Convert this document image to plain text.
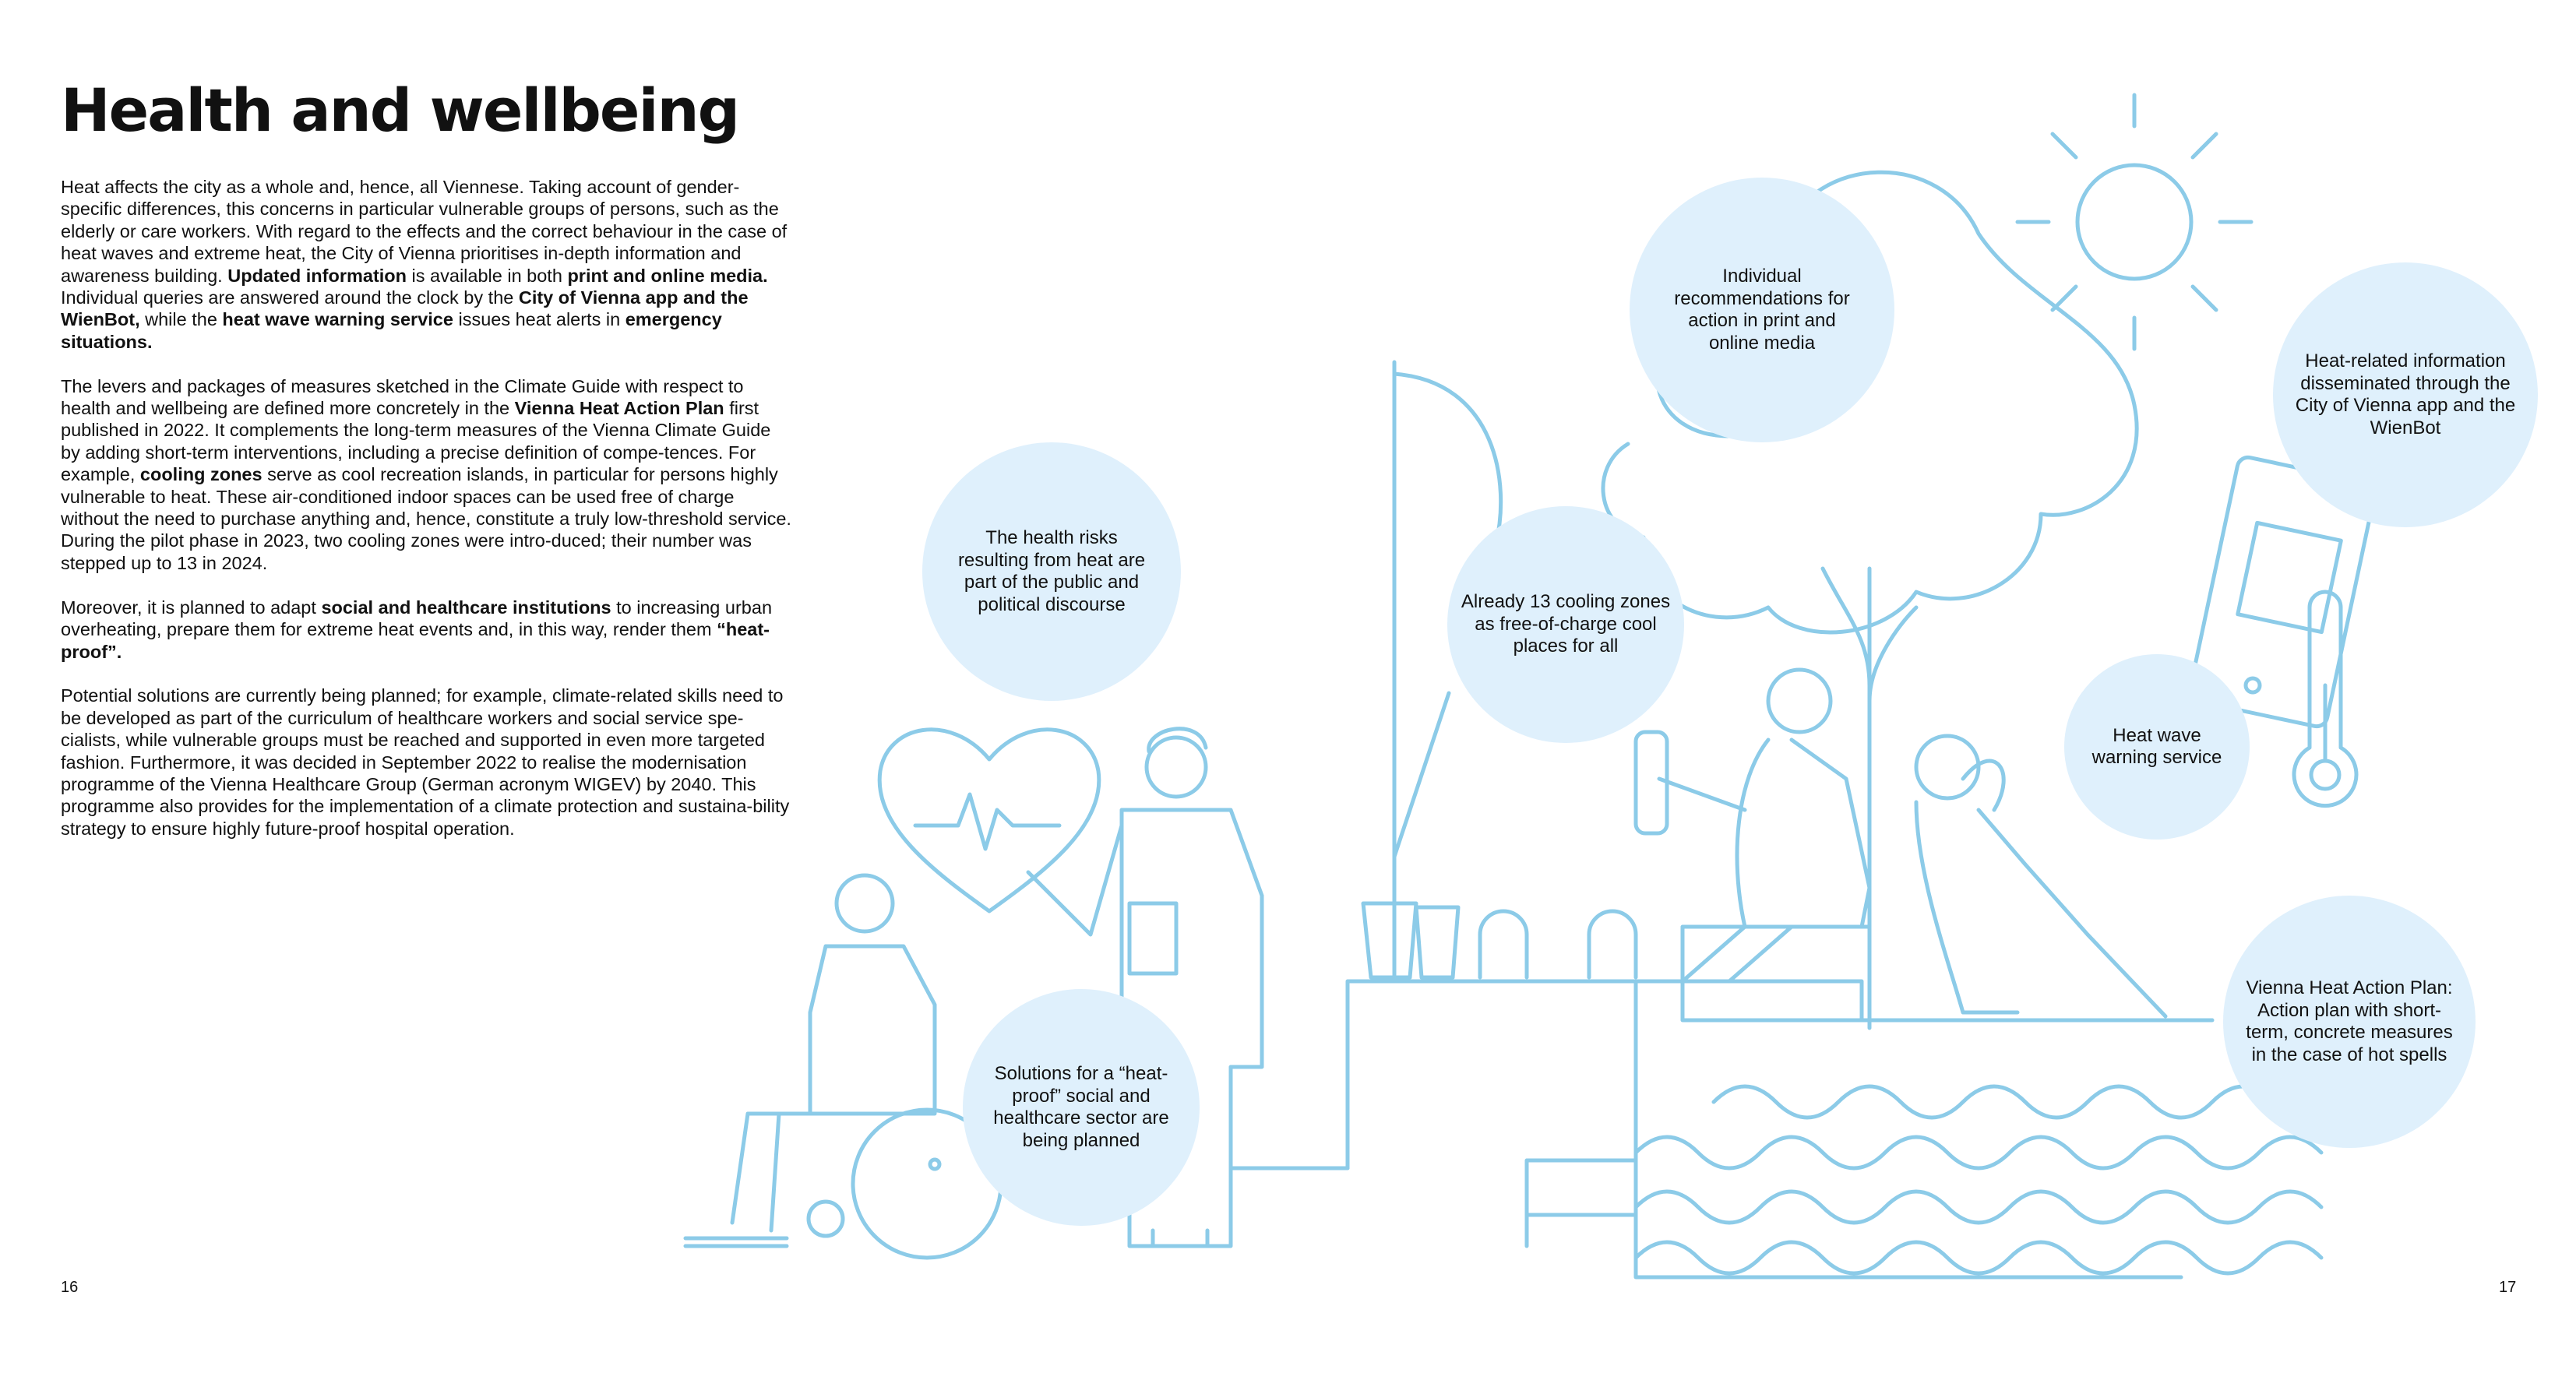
Health and wellbeing

Heat affects the city as a whole and, hence, all Viennese. Taking account of gender-specific differences, this concerns in particular vulnerable groups of persons, such as the elderly or care workers. With regard to the effects and the correct behaviour in the case of heat waves and extreme heat, the City of Vienna prioritises in-depth information and awareness building. Updated information is available in both print and online media. Individual queries are answered around the clock by the City of Vienna app and the WienBot, while the heat wave warning service issues heat alerts in emergency situations.

The levers and packages of measures sketched in the Climate Guide with respect to health and wellbeing are defined more concretely in the Vienna Heat Action Plan first published in 2022. It complements the long-term measures of the Vienna Climate Guide by adding short-term interventions, including a precise definition of compe-tences. For example, cooling zones serve as cool recreation islands, in particular for persons highly vulnerable to heat. These air-conditioned indoor spaces can be used free of charge without the need to purchase anything and, hence, constitute a truly low-threshold service. During the pilot phase in 2023, two cooling zones were intro-duced; their number was stepped up to 13 in 2024.

Moreover, it is planned to adapt social and healthcare institutions to increasing urban overheating, prepare them for extreme heat events and, in this way, render them “heat-proof”.

Potential solutions are currently being planned; for example, climate-related skills need to be developed as part of the curriculum of healthcare workers and social service spe-cialists, while vulnerable groups must be reached and supported in even more targeted fashion. Furthermore, it was decided in September 2022 to realise the modernisation programme of the Vienna Healthcare Group (German acronym WIGEV) by 2040. This programme also provides for the implementation of a climate protection and sustaina-bility strategy to ensure highly future-proof hospital operation.

The health risks resulting from heat are part of the public and political discourse
Individual recommendations for action in print and online media
Already 13 cooling zones as free-of-charge cool places for all
Heat-related information disseminated through the City of Vienna app and the WienBot
Heat wave warning service
Vienna Heat Action Plan: Action plan with short-term, concrete measures in the case of hot spells
Solutions for a “heat-proof” social and healthcare sector are being planned
16	17
